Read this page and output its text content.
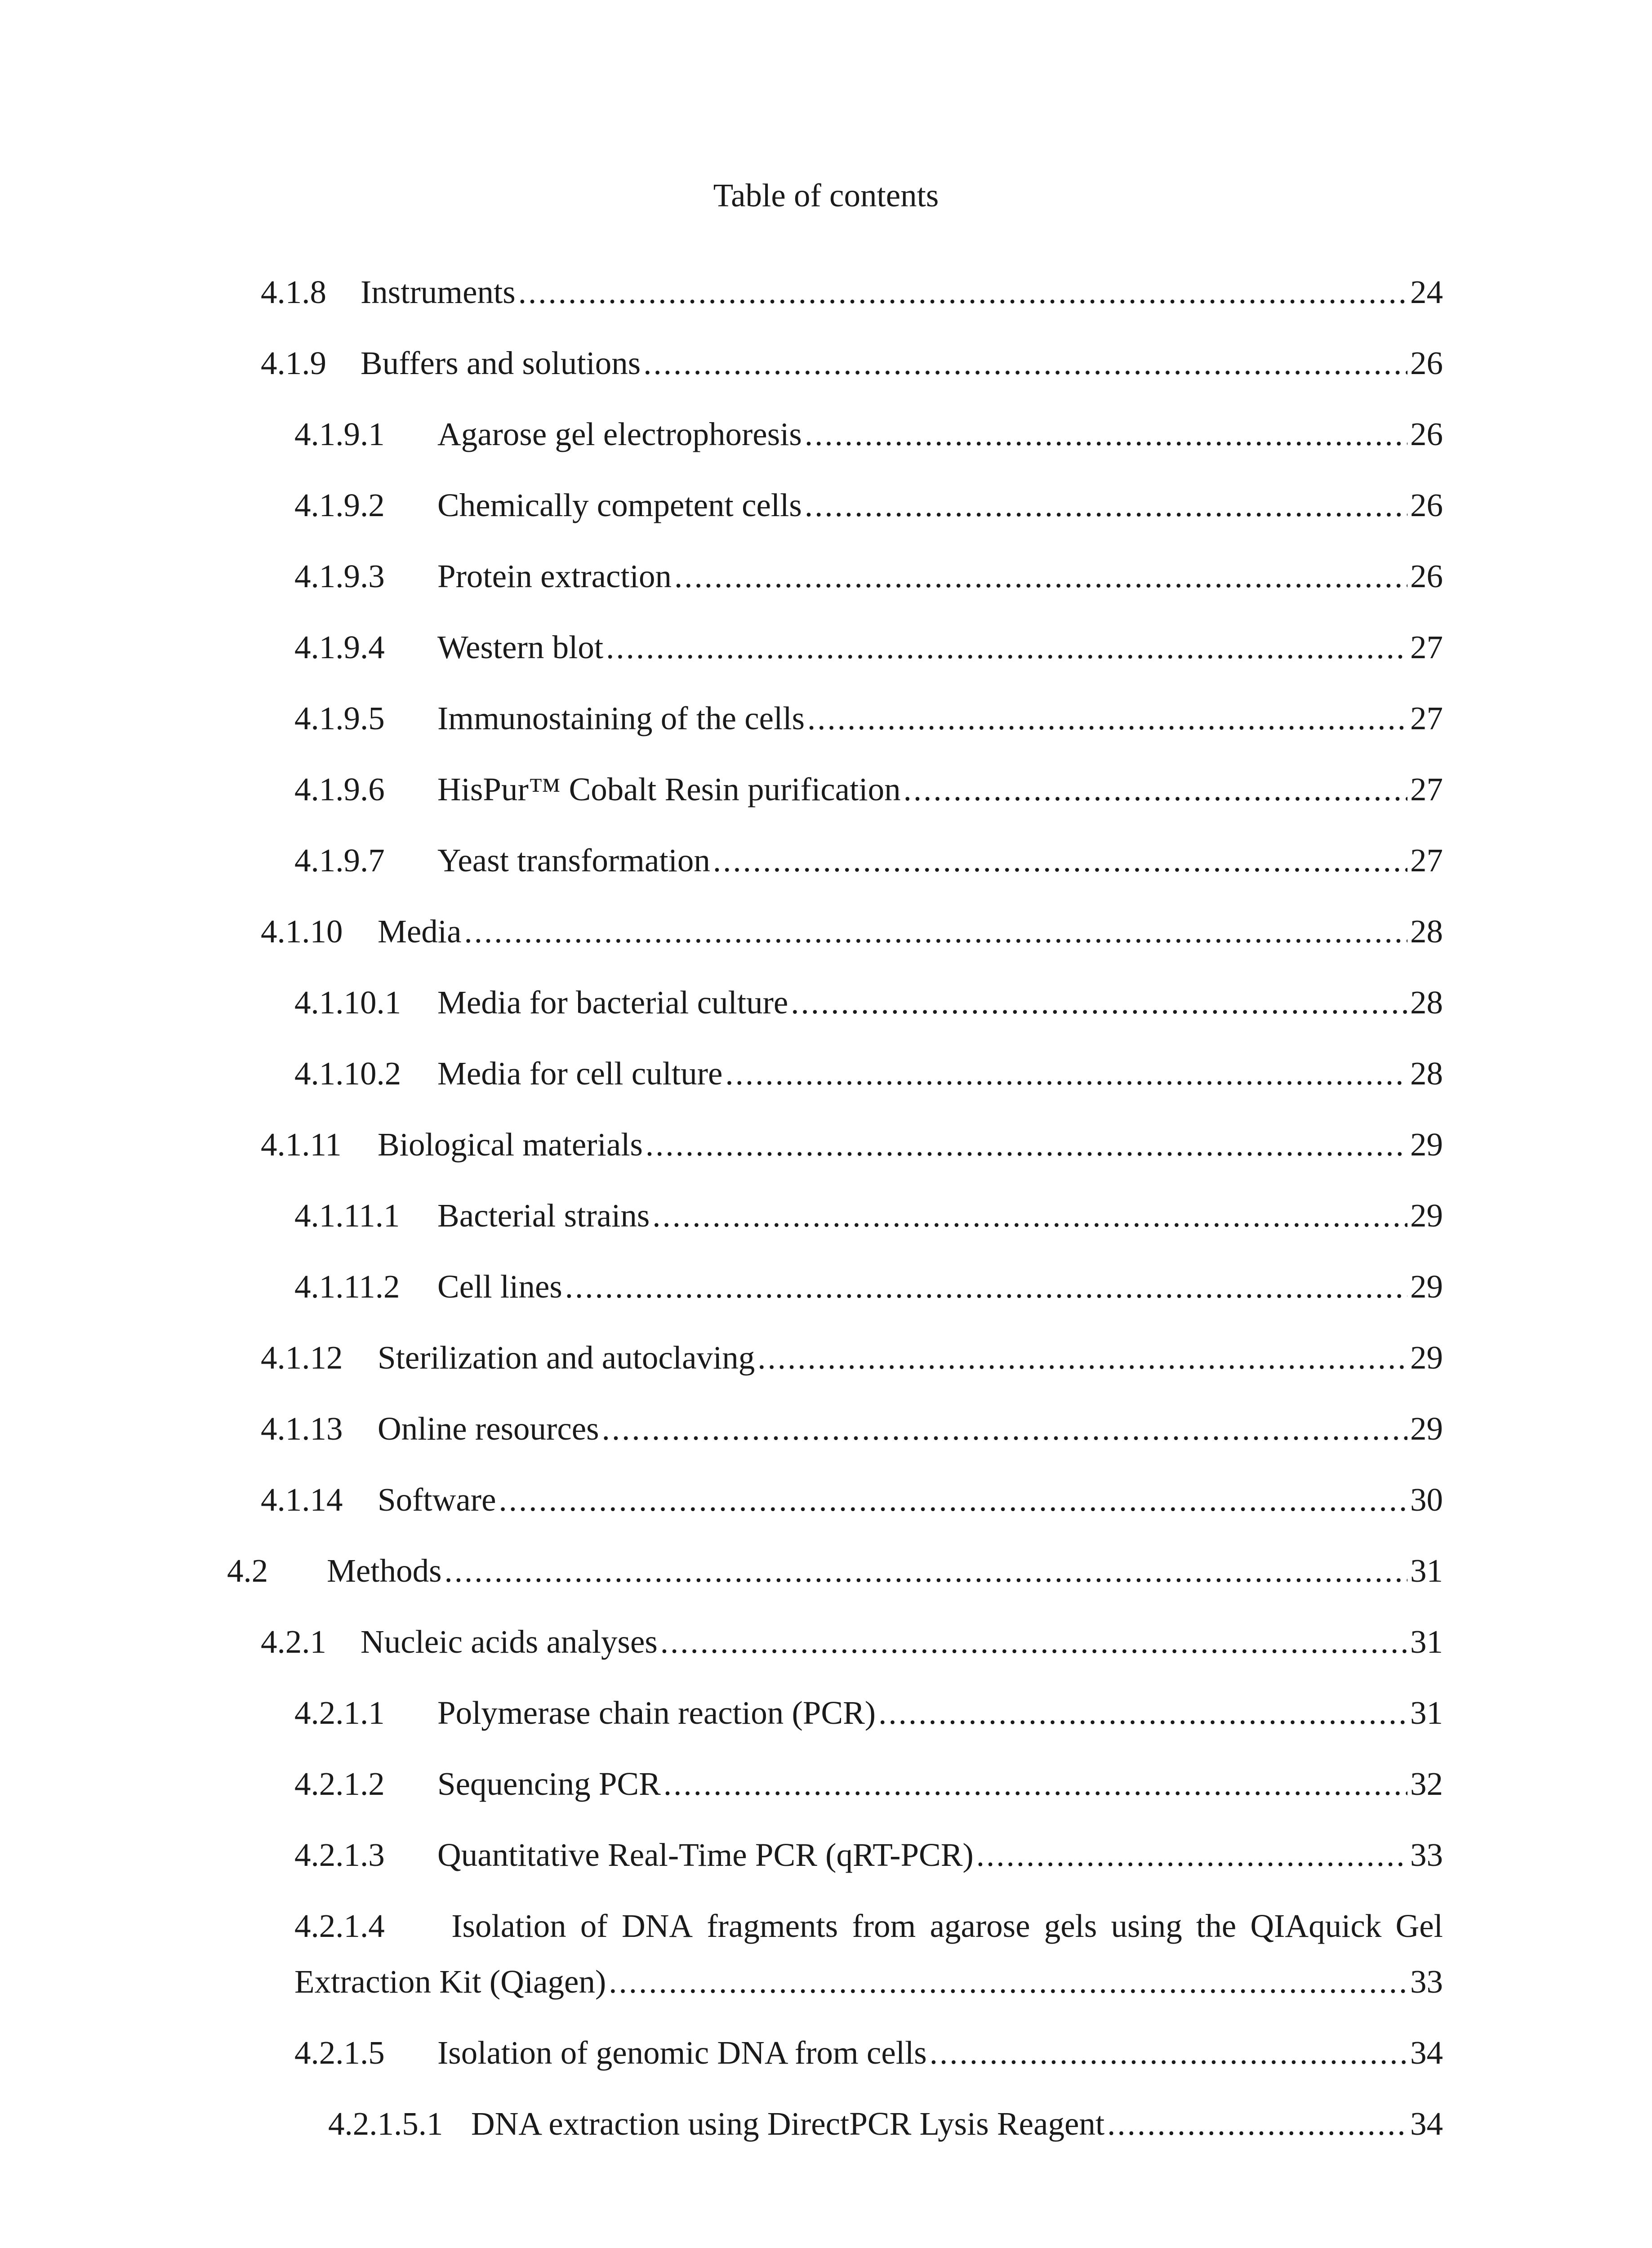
Table of contents
4.1.8	Instruments .....	24
4.1.9	Buffers and solutions .....	26
4.1.9.1	Agarose gel electrophoresis .....	26
4.1.9.2	Chemically competent cells .....	26
4.1.9.3	Protein extraction .....	26
4.1.9.4	Western blot .....	27
4.1.9.5	Immunostaining of the cells .....	27
4.1.9.6	HisPur™ Cobalt Resin purification .....	27
4.1.9.7	Yeast transformation .....	27
4.1.10	Media .....	28
4.1.10.1	Media for bacterial culture .....	28
4.1.10.2	Media for cell culture .....	28
4.1.11	Biological materials .....	29
4.1.11.1	Bacterial strains .....	29
4.1.11.2	Cell lines .....	29
4.1.12	Sterilization and autoclaving .....	29
4.1.13	Online resources .....	29
4.1.14	Software .....	30
4.2	Methods .....	31
4.2.1	Nucleic acids analyses .....	31
4.2.1.1	Polymerase chain reaction (PCR) .....	31
4.2.1.2	Sequencing PCR .....	32
4.2.1.3	Quantitative Real-Time PCR (qRT-PCR) .....	33
4.2.1.4	Isolation of DNA fragments from agarose gels using the QIAquick Gel
Extraction Kit (Qiagen) .....	33
4.2.1.5	Isolation of genomic DNA from cells .....	34
4.2.1.5.1 DNA extraction using DirectPCR Lysis Reagent .....	34
